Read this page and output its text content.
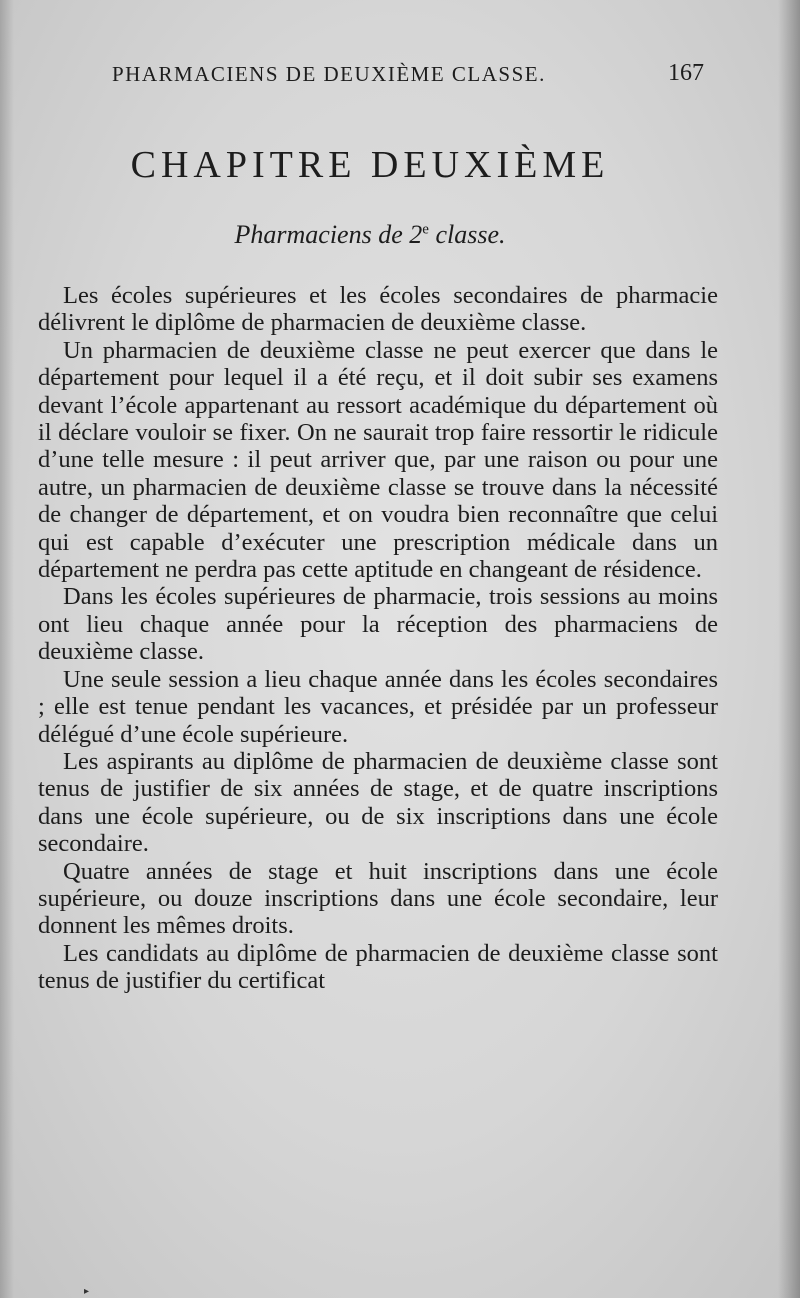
PHARMACIENS DE DEUXIÈME CLASSE.	167
CHAPITRE DEUXIÈME
Pharmaciens de 2e classe.

Les écoles supérieures et les écoles secondaires de pharmacie délivrent le diplôme de pharmacien de deuxième classe.

Un pharmacien de deuxième classe ne peut exercer que dans le département pour lequel il a été reçu, et il doit subir ses examens devant l’école appartenant au ressort académique du département où il déclare vouloir se fixer. On ne saurait trop faire ressortir le ridicule d’une telle mesure : il peut arriver que, par une raison ou pour une autre, un pharmacien de deuxième classe se trouve dans la nécessité de changer de département, et on voudra bien reconnaître que celui qui est capable d’exécuter une prescription médicale dans un département ne perdra pas cette aptitude en changeant de résidence.

Dans les écoles supérieures de pharmacie, trois sessions au moins ont lieu chaque année pour la réception des pharmaciens de deuxième classe.

Une seule session a lieu chaque année dans les écoles secondaires ; elle est tenue pendant les vacances, et présidée par un professeur délégué d’une école supérieure.

Les aspirants au diplôme de pharmacien de deuxième classe sont tenus de justifier de six années de stage, et de quatre inscriptions dans une école supérieure, ou de six inscriptions dans une école secondaire.

Quatre années de stage et huit inscriptions dans une école supérieure, ou douze inscriptions dans une école secondaire, leur donnent les mêmes droits.

Les candidats au diplôme de pharmacien de deuxième classe sont tenus de justifier du certificat

▸
